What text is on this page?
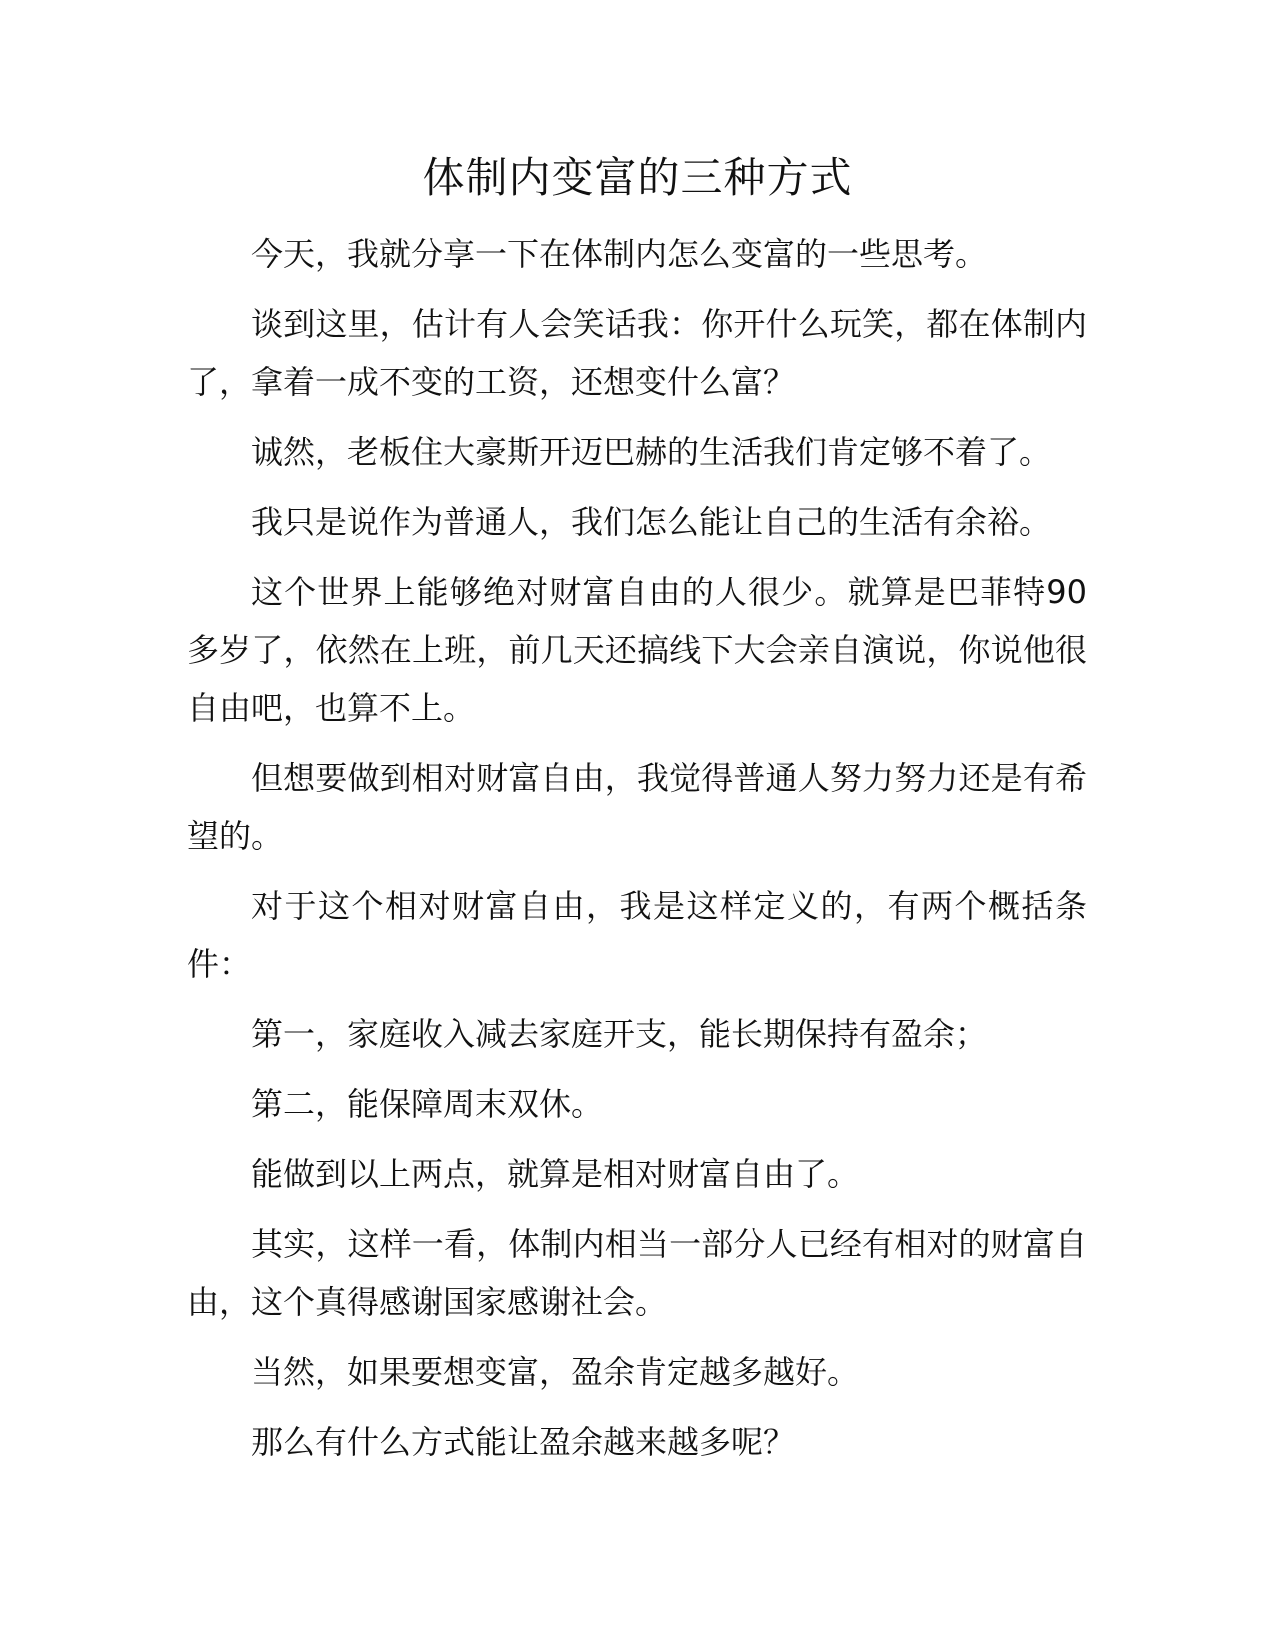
体制内变富的三种方式

今天，我就分享一下在体制内怎么变富的一些思考。

谈到这里，估计有人会笑话我：你开什么玩笑，都在体制内了，拿着一成不变的工资，还想变什么富？

诚然，老板住大豪斯开迈巴赫的生活我们肯定够不着了。

我只是说作为普通人，我们怎么能让自己的生活有余裕。

这个世界上能够绝对财富自由的人很少。就算是巴菲特90 多岁了，依然在上班，前几天还搞线下大会亲自演说，你说他很自由吧，也算不上。

但想要做到相对财富自由，我觉得普通人努力努力还是有希望的。

对于这个相对财富自由，我是这样定义的，有两个概括条件：

第一，家庭收入减去家庭开支，能长期保持有盈余；

第二，能保障周末双休。

能做到以上两点，就算是相对财富自由了。

其实，这样一看，体制内相当一部分人已经有相对的财富自由，这个真得感谢国家感谢社会。

当然，如果要想变富，盈余肯定越多越好。

那么有什么方式能让盈余越来越多呢？
